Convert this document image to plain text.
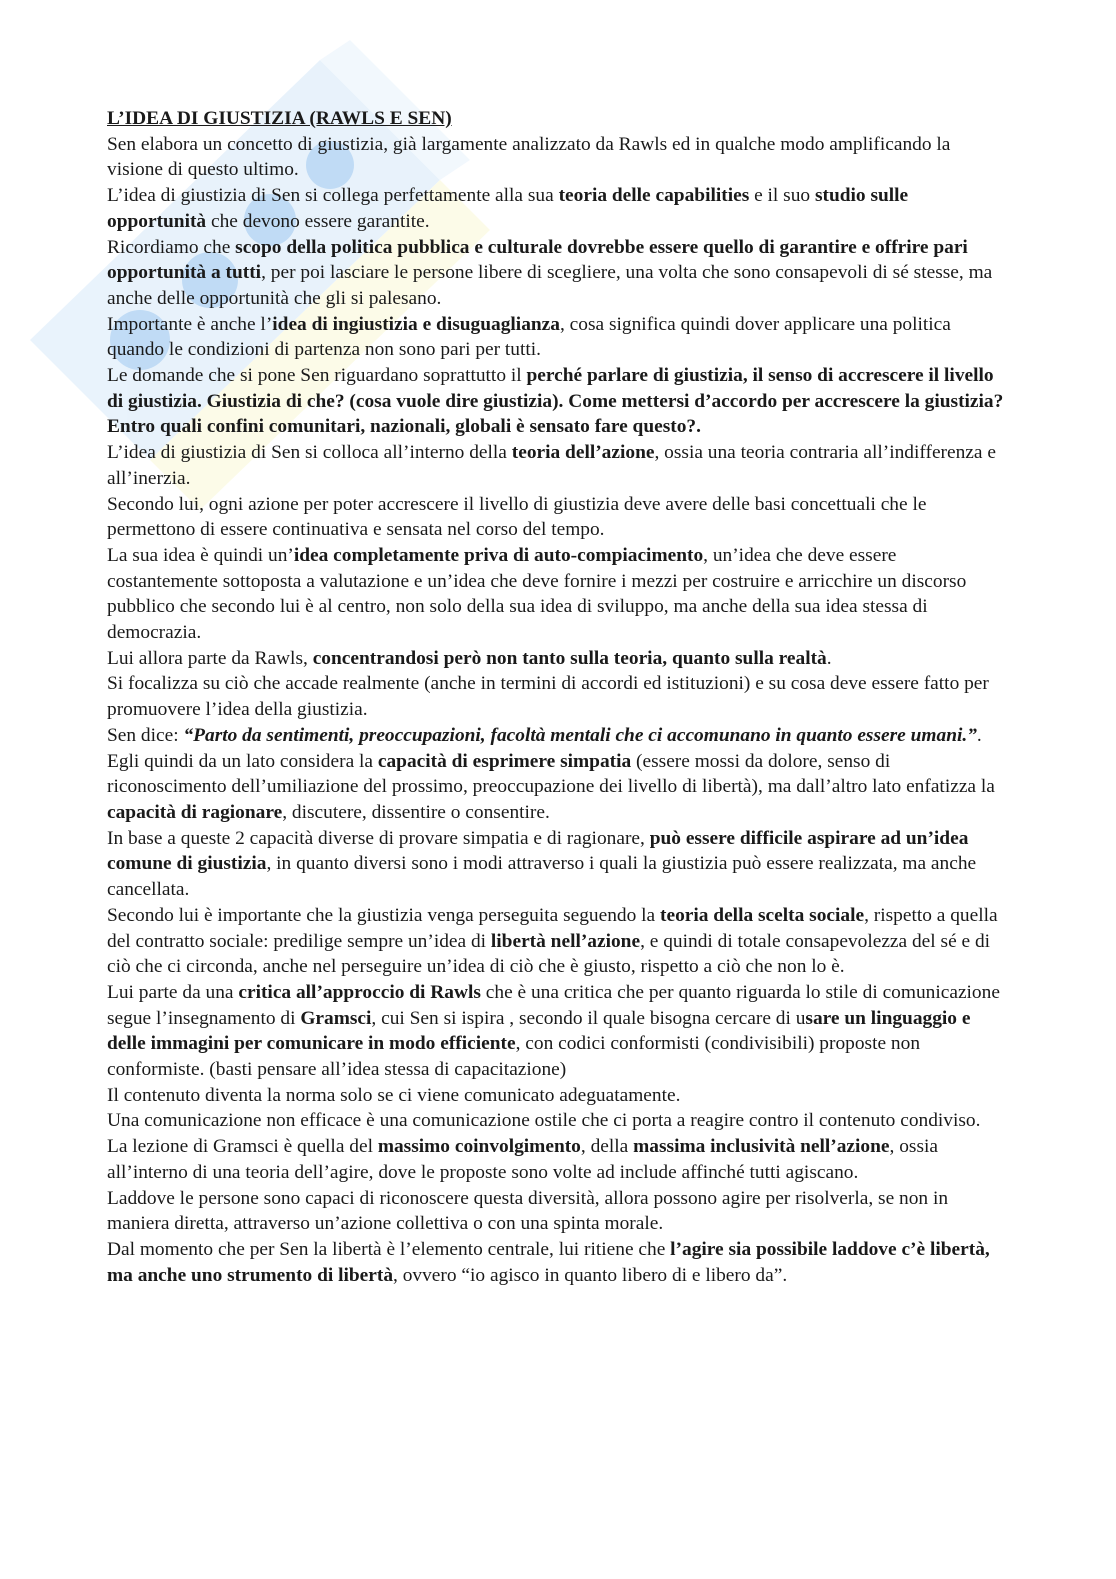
L’IDEA DI GIUSTIZIA (RAWLS E SEN)

Sen elabora un concetto di giustizia, già largamente analizzato da Rawls ed in qualche modo amplificando la visione di questo ultimo.

L’idea di giustizia di Sen si collega perfettamente alla sua teoria delle capabilities e il suo studio sulle opportunità che devono essere garantite.

Ricordiamo che scopo della politica pubblica e culturale dovrebbe essere quello di garantire e offrire pari opportunità a tutti, per poi lasciare le persone libere di scegliere, una volta che sono consapevoli di sé stesse, ma anche delle opportunità che gli si palesano.

Importante è anche l’idea di ingiustizia e disuguaglianza, cosa significa quindi dover applicare una politica quando le condizioni di partenza non sono pari per tutti.

Le domande che si pone Sen riguardano soprattutto il perché parlare di giustizia, il senso di accrescere il livello di giustizia. Giustizia di che? (cosa vuole dire giustizia). Come mettersi d’accordo per accrescere la giustizia? Entro quali confini comunitari, nazionali, globali è sensato fare questo?.

L’idea di giustizia di Sen si colloca all’interno della teoria dell’azione, ossia una teoria contraria all’indifferenza e all’inerzia.

Secondo lui, ogni azione per poter accrescere il livello di giustizia deve avere delle basi concettuali che le permettono di essere continuativa e sensata nel corso del tempo.

La sua idea è quindi un’idea completamente priva di auto-compiacimento, un’idea che deve essere costantemente sottoposta a valutazione e un’idea che deve fornire i mezzi per costruire e arricchire un discorso pubblico che secondo lui è al centro, non solo della sua idea di sviluppo, ma anche della sua idea stessa di democrazia.

Lui allora parte da Rawls, concentrandosi però non tanto sulla teoria, quanto sulla realtà.

Si focalizza su ciò che accade realmente (anche in termini di accordi ed istituzioni) e su cosa deve essere fatto per promuovere l’idea della giustizia.

Sen dice: “Parto da sentimenti, preoccupazioni, facoltà mentali che ci accomunano in quanto essere umani.”.

Egli quindi da un lato considera la capacità di esprimere simpatia (essere mossi da dolore, senso di riconoscimento dell’umiliazione del prossimo, preoccupazione dei livello di libertà), ma dall’altro lato enfatizza la capacità di ragionare, discutere, dissentire o consentire.

In base a queste 2 capacità diverse di provare simpatia e di ragionare, può essere difficile aspirare ad un’idea comune di giustizia, in quanto diversi sono i modi attraverso i quali la giustizia può essere realizzata, ma anche cancellata.

Secondo lui è importante che la giustizia venga perseguita seguendo la teoria della scelta sociale, rispetto a quella del contratto sociale: predilige sempre un’idea di libertà nell’azione, e quindi di totale consapevolezza del sé e di ciò che ci circonda, anche nel perseguire un’idea di ciò che è giusto, rispetto a ciò che non lo è.

Lui parte da una critica all’approccio di Rawls che è una critica che per quanto riguarda lo stile di comunicazione segue l’insegnamento di Gramsci, cui Sen si ispira , secondo il quale bisogna cercare di usare un linguaggio e delle immagini per comunicare in modo efficiente, con codici conformisti (condivisibili) proposte non conformiste. (basti pensare all’idea stessa di capacitazione)

Il contenuto diventa la norma solo se ci viene comunicato adeguatamente.

Una comunicazione non efficace è una comunicazione ostile che ci porta a reagire contro il contenuto condiviso.

La lezione di Gramsci è quella del massimo coinvolgimento, della massima inclusività nell’azione, ossia all’interno di una teoria dell’agire, dove le proposte sono volte ad include affinché tutti agiscano.

Laddove le persone sono capaci di riconoscere questa diversità, allora possono agire per risolverla, se non in maniera diretta, attraverso un’azione collettiva o con una spinta morale.

Dal momento che per Sen la libertà è l’elemento centrale, lui ritiene che l’agire sia possibile laddove c’è libertà, ma anche uno strumento di libertà, ovvero “io agisco in quanto libero di e libero da”.
